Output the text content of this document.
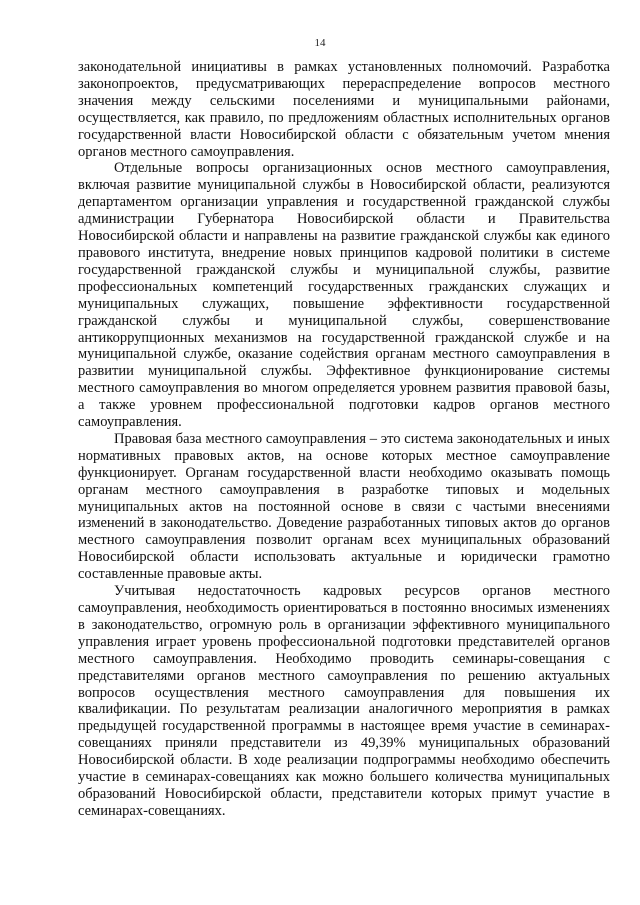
14

законодательной инициативы в рамках установленных полномочий. Разработка законопроектов, предусматривающих перераспределение вопросов местного значения между сельскими поселениями и муниципальными районами, осуществляется, как правило, по предложениям областных исполнительных органов государственной власти Новосибирской области с обязательным учетом мнения органов местного самоуправления.

Отдельные вопросы организационных основ местного самоуправления, включая развитие муниципальной службы в Новосибирской области, реализуются департаментом организации управления и государственной гражданской службы администрации Губернатора Новосибирской области и Правительства Новосибирской области и направлены на развитие гражданской службы как единого правового института, внедрение новых принципов кадровой политики в системе государственной гражданской службы и муниципальной службы, развитие профессиональных компетенций государственных гражданских служащих и муниципальных служащих, повышение эффективности государственной гражданской службы и муниципальной службы, совершенствование антикоррупционных механизмов на государственной гражданской службе и на муниципальной службе, оказание содействия органам местного самоуправления в развитии муниципальной службы. Эффективное функционирование системы местного самоуправления во многом определяется уровнем развития правовой базы, а также уровнем профессиональной подготовки кадров органов местного самоуправления.

Правовая база местного самоуправления – это система законодательных и иных нормативных правовых актов, на основе которых местное самоуправление функционирует. Органам государственной власти необходимо оказывать помощь органам местного самоуправления в разработке типовых и модельных муниципальных актов на постоянной основе в связи с частыми внесениями изменений в законодательство. Доведение разработанных типовых актов до органов местного самоуправления позволит органам всех муниципальных образований Новосибирской области использовать актуальные и юридически грамотно составленные правовые акты.

Учитывая недостаточность кадровых ресурсов органов местного самоуправления, необходимость ориентироваться в постоянно вносимых изменениях в законодательство, огромную роль в организации эффективного муниципального управления играет уровень профессиональной подготовки представителей органов местного самоуправления. Необходимо проводить семинары-совещания с представителями органов местного самоуправления по решению актуальных вопросов осуществления местного самоуправления для повышения их квалификации. По результатам реализации аналогичного мероприятия в рамках предыдущей государственной программы в настоящее время участие в семинарах-совещаниях приняли представители из 49,39% муниципальных образований Новосибирской области. В ходе реализации подпрограммы необходимо обеспечить участие в семинарах-совещаниях как можно большего количества муниципальных образований Новосибирской области, представители которых примут участие в семинарах-совещаниях.
